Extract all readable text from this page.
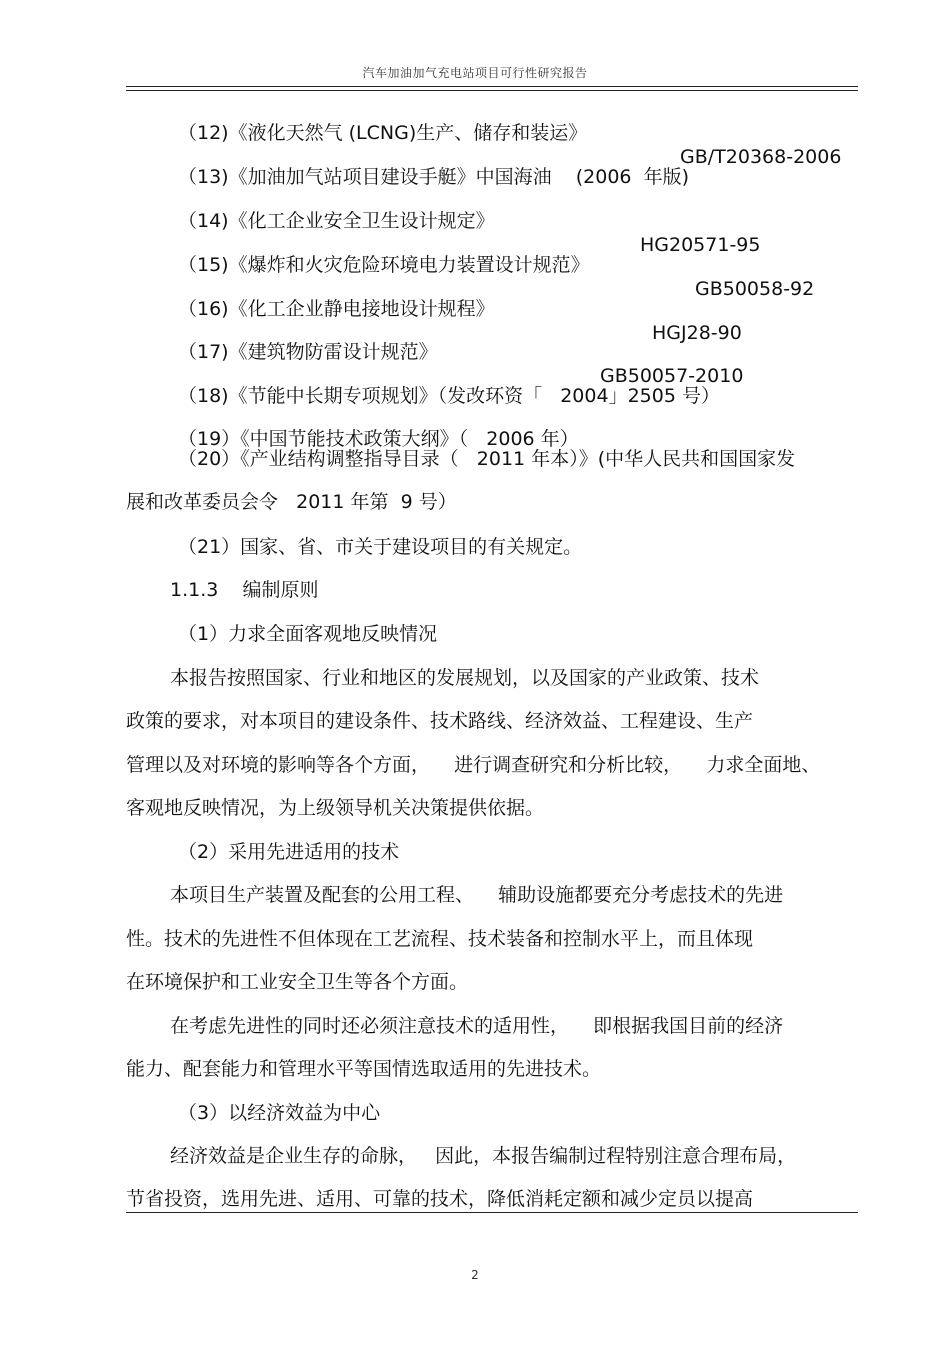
汽车加油加气充电站项目可行性研究报告

（12)《液化天然气 (LCNG)生产、储存和装运》

GB/T20368-2006

（13)《加油加气站项目建设手艇》中国海油    (2006  年版)

（14)《化工企业安全卫生设计规定》

HG20571-95

（15)《爆炸和火灾危险环境电力装置设计规范》

GB50058-92

（16)《化工企业静电接地设计规程》

HGJ28-90

（17)《建筑物防雷设计规范》

GB50057-2010

（18)《节能中长期专项规划》（发改环资「   2004」2505 号）

（19）《中国节能技术政策大纲》（   2006 年）

（20）《产业结构调整指导目录（   2011 年本）》(中华人民共和国国家发
展和改革委员会令   2011 年第  9 号）
（21）国家、省、市关于建设项目的有关规定。
1.1.3    编制原则
（1）力求全面客观地反映情况
本报告按照国家、行业和地区的发展规划，以及国家的产业政策、技术
政策的要求，对本项目的建设条件、技术路线、经济效益、工程建设、生产
管理以及对环境的影响等各个方面，    进行调查研究和分析比较，    力求全面地、
客观地反映情况，为上级领导机关决策提供依据。
（2）采用先进适用的技术
本项目生产装置及配套的公用工程、    辅助设施都要充分考虑技术的先进
性。技术的先进性不但体现在工艺流程、技术装备和控制水平上，而且体现
在环境保护和工业安全卫生等各个方面。
在考虑先进性的同时还必须注意技术的适用性，    即根据我国目前的经济
能力、配套能力和管理水平等国情选取适用的先进技术。
（3）以经济效益为中心
经济效益是企业生存的命脉，   因此，本报告编制过程特别注意合理布局，
节省投资，选用先进、适用、可靠的技术，降低消耗定额和减少定员以提高
2
